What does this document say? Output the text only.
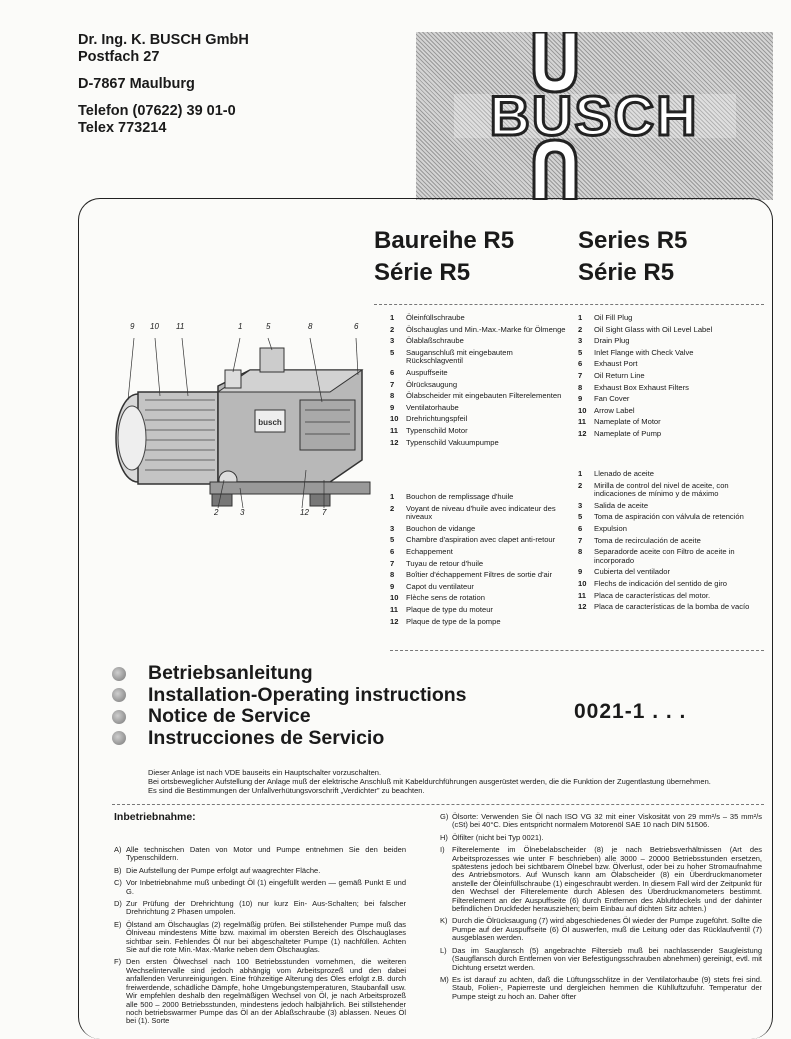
Dr. Ing. K. BUSCH GmbH
Postfach 27
D-7867 Maulburg
Telefon (07622) 39 01-0
Telex 773214	BUSCH
Baureihe R5
Série R5
Series R5
Série R5
busch
9 10 11	1	5	8	6
2	3	12 7
1	Öleinfüllschraube
2	Ölschauglas und Min.-Max.-Marke für Ölmenge
3	Ölablaßschraube
5	Sauganschluß mit eingebautem Rückschlagventil
6	Auspuffseite
7	Ölrücksaugung
8	Ölabscheider mit eingebauten Filterelementen
9	Ventilatorhaube
10 Drehrichtungspfeil
11	Typenschild Motor
12 Typenschild Vakuumpumpe
1	Oil Fill Plug
2	Oil Sight Glass with Oil Level Label
3	Drain Plug
5	Inlet Flange with Check Valve
6	Exhaust Port
7	Oil Return Line
8	Exhaust Box Exhaust Filters
9	Fan Cover
10 Arrow Label
11	Nameplate of Motor
12 Nameplate of Pump
1	Bouchon de remplissage d'huile
2	Voyant de niveau d'huile avec indicateur des niveaux
3	Bouchon de vidange
5	Chambre d'aspiration avec clapet anti-retour
6	Echappement
7	Tuyau de retour d'huile
8	Boîtier d'échappement Filtres de sortie d'air
9	Capot du ventilateur
10 Flèche sens de rotation
11	Plaque de type du moteur
12 Plaque de type de la pompe
1	Llenado de aceite
2	Mirilla de control del nivel de aceite, con indicaciones de mínimo y de máximo
3	Salida de aceite
5	Toma de aspiración con válvula de retención
6	Expulsion
7	Toma de recirculación de aceite
8	Separadorde aceite con Filtro de aceite in incorporado
9	Cubierta del ventilador
10 Flechs de indicación del sentido de giro
11	Placa de características del motor.
12 Placa de características de la bomba de vacío
Betriebsanleitung
Installation-Operating instructions
Notice de Service
Instrucciones de Servicio
0021-1 . . .
Dieser Anlage ist nach VDE bauseits ein Hauptschalter vorzuschalten.
Bei ortsbeweglicher Aufstellung der Anlage muß der elektrische Anschluß mit Kabeldurchführungen ausgerüstet werden, die die Funktion der Zugentlastung übernehmen.
Es sind die Bestimmungen der Unfallverhütungsvorschrift „Verdichter" zu beachten.
Inbetriebnahme:
A) Alle technischen Daten von Motor und Pumpe entnehmen Sie den beiden Typenschildern.
B) Die Aufstellung der Pumpe erfolgt auf waagrechter Fläche.
C) Vor Inbetriebnahme muß unbedingt Öl (1) eingefüllt werden — gemäß Punkt E und G.
D) Zur Prüfung der Drehrichtung (10) nur kurz Ein- Aus-Schalten; bei falscher Drehrichtung 2 Phasen umpolen.
E) Ölstand am Ölschauglas (2) regelmäßig prüfen. Bei stillstehender Pumpe muß das Ölniveau mindestens Mitte bzw. maximal im obersten Bereich des Ölschauglases sichtbar sein. Fehlendes Öl nur bei abgeschalteter Pumpe (1) nachfüllen. Achten Sie auf die rote Min.-Max.-Marke neben dem Ölschauglas.
F) Den ersten Ölwechsel nach 100 Betriebsstunden vornehmen, die weiteren Wechselintervalle sind jedoch abhängig vom Arbeitsprozeß und den dabei anfallenden Verunreinigungen. Eine frühzeitige Alterung des Öles erfolgt z.B. durch freiwerdende, schädliche Dämpfe, hohe Umgebungstemperaturen, Staubanfall usw. Wir empfehlen deshalb den regelmäßigen Wechsel von Öl, je nach Arbeitsprozeß alle 500 – 2000 Betriebsstunden, mindestens jedoch halbjährlich. Bei stillstehender noch betriebswarmer Pumpe das Öl an der Ablaßschraube (3) ablassen. Neues Öl bei (1). Sorte
G) Ölsorte: Verwenden Sie Öl nach ISO VG 32 mit einer Viskosität von 29 mm²/s – 35 mm²/s (cSt) bei 40°C. Dies entspricht normalem Motorenöl SAE 10 nach DIN 51506.
H) Ölfilter (nicht bei Typ 0021).
I) Filterelemente im Ölnebelabscheider (8) je nach Betriebsverhältnissen (Art des Arbeitsprozesses wie unter F beschrieben) alle 3000 – 20000 Betriebsstunden ersetzen, spätestens jedoch bei sichtbarem Ölnebel bzw. Ölverlust, oder bei zu hoher Stromaufnahme des Antriebsmotors. Auf Wunsch kann am Ölabscheider (8) ein Überdruckmanometer anstelle der Öleinfüllschraube (1) eingeschraubt werden. In diesem Fall wird der Zeitpunkt für den Wechsel der Filterelemente durch Ablesen des Überdruckmanometers bestimmt. Filterelement an der Auspuffseite (6) durch Entfernen des Abluftdeckels und der dahinter befindlichen Druckfeder herausziehen; beim Einbau auf dichten Sitz achten.)
K) Durch die Ölrücksaugung (7) wird abgeschiedenes Öl wieder der Pumpe zugeführt. Sollte die Pumpe auf der Auspuffseite (6) Öl auswerfen, muß die Leitung oder das Rücklaufventil (7) ausgeblasen werden.
L) Das im Sauglansch (5) angebrachte Filtersieb muß bei nachlassender Saugleistung (Saugflansch durch Entfernen von vier Befestigungsschrauben abnehmen) gereinigt, evtl. mit Dichtung ersetzt werden.
M) Es ist darauf zu achten, daß die Lüftungsschlitze in der Ventilatorhaube (9) stets frei sind. Staub, Folien-, Papierreste und dergleichen hemmen die Kühlluftzufuhr. Temperatur der Pumpe steigt zu hoch an. Daher öfter
